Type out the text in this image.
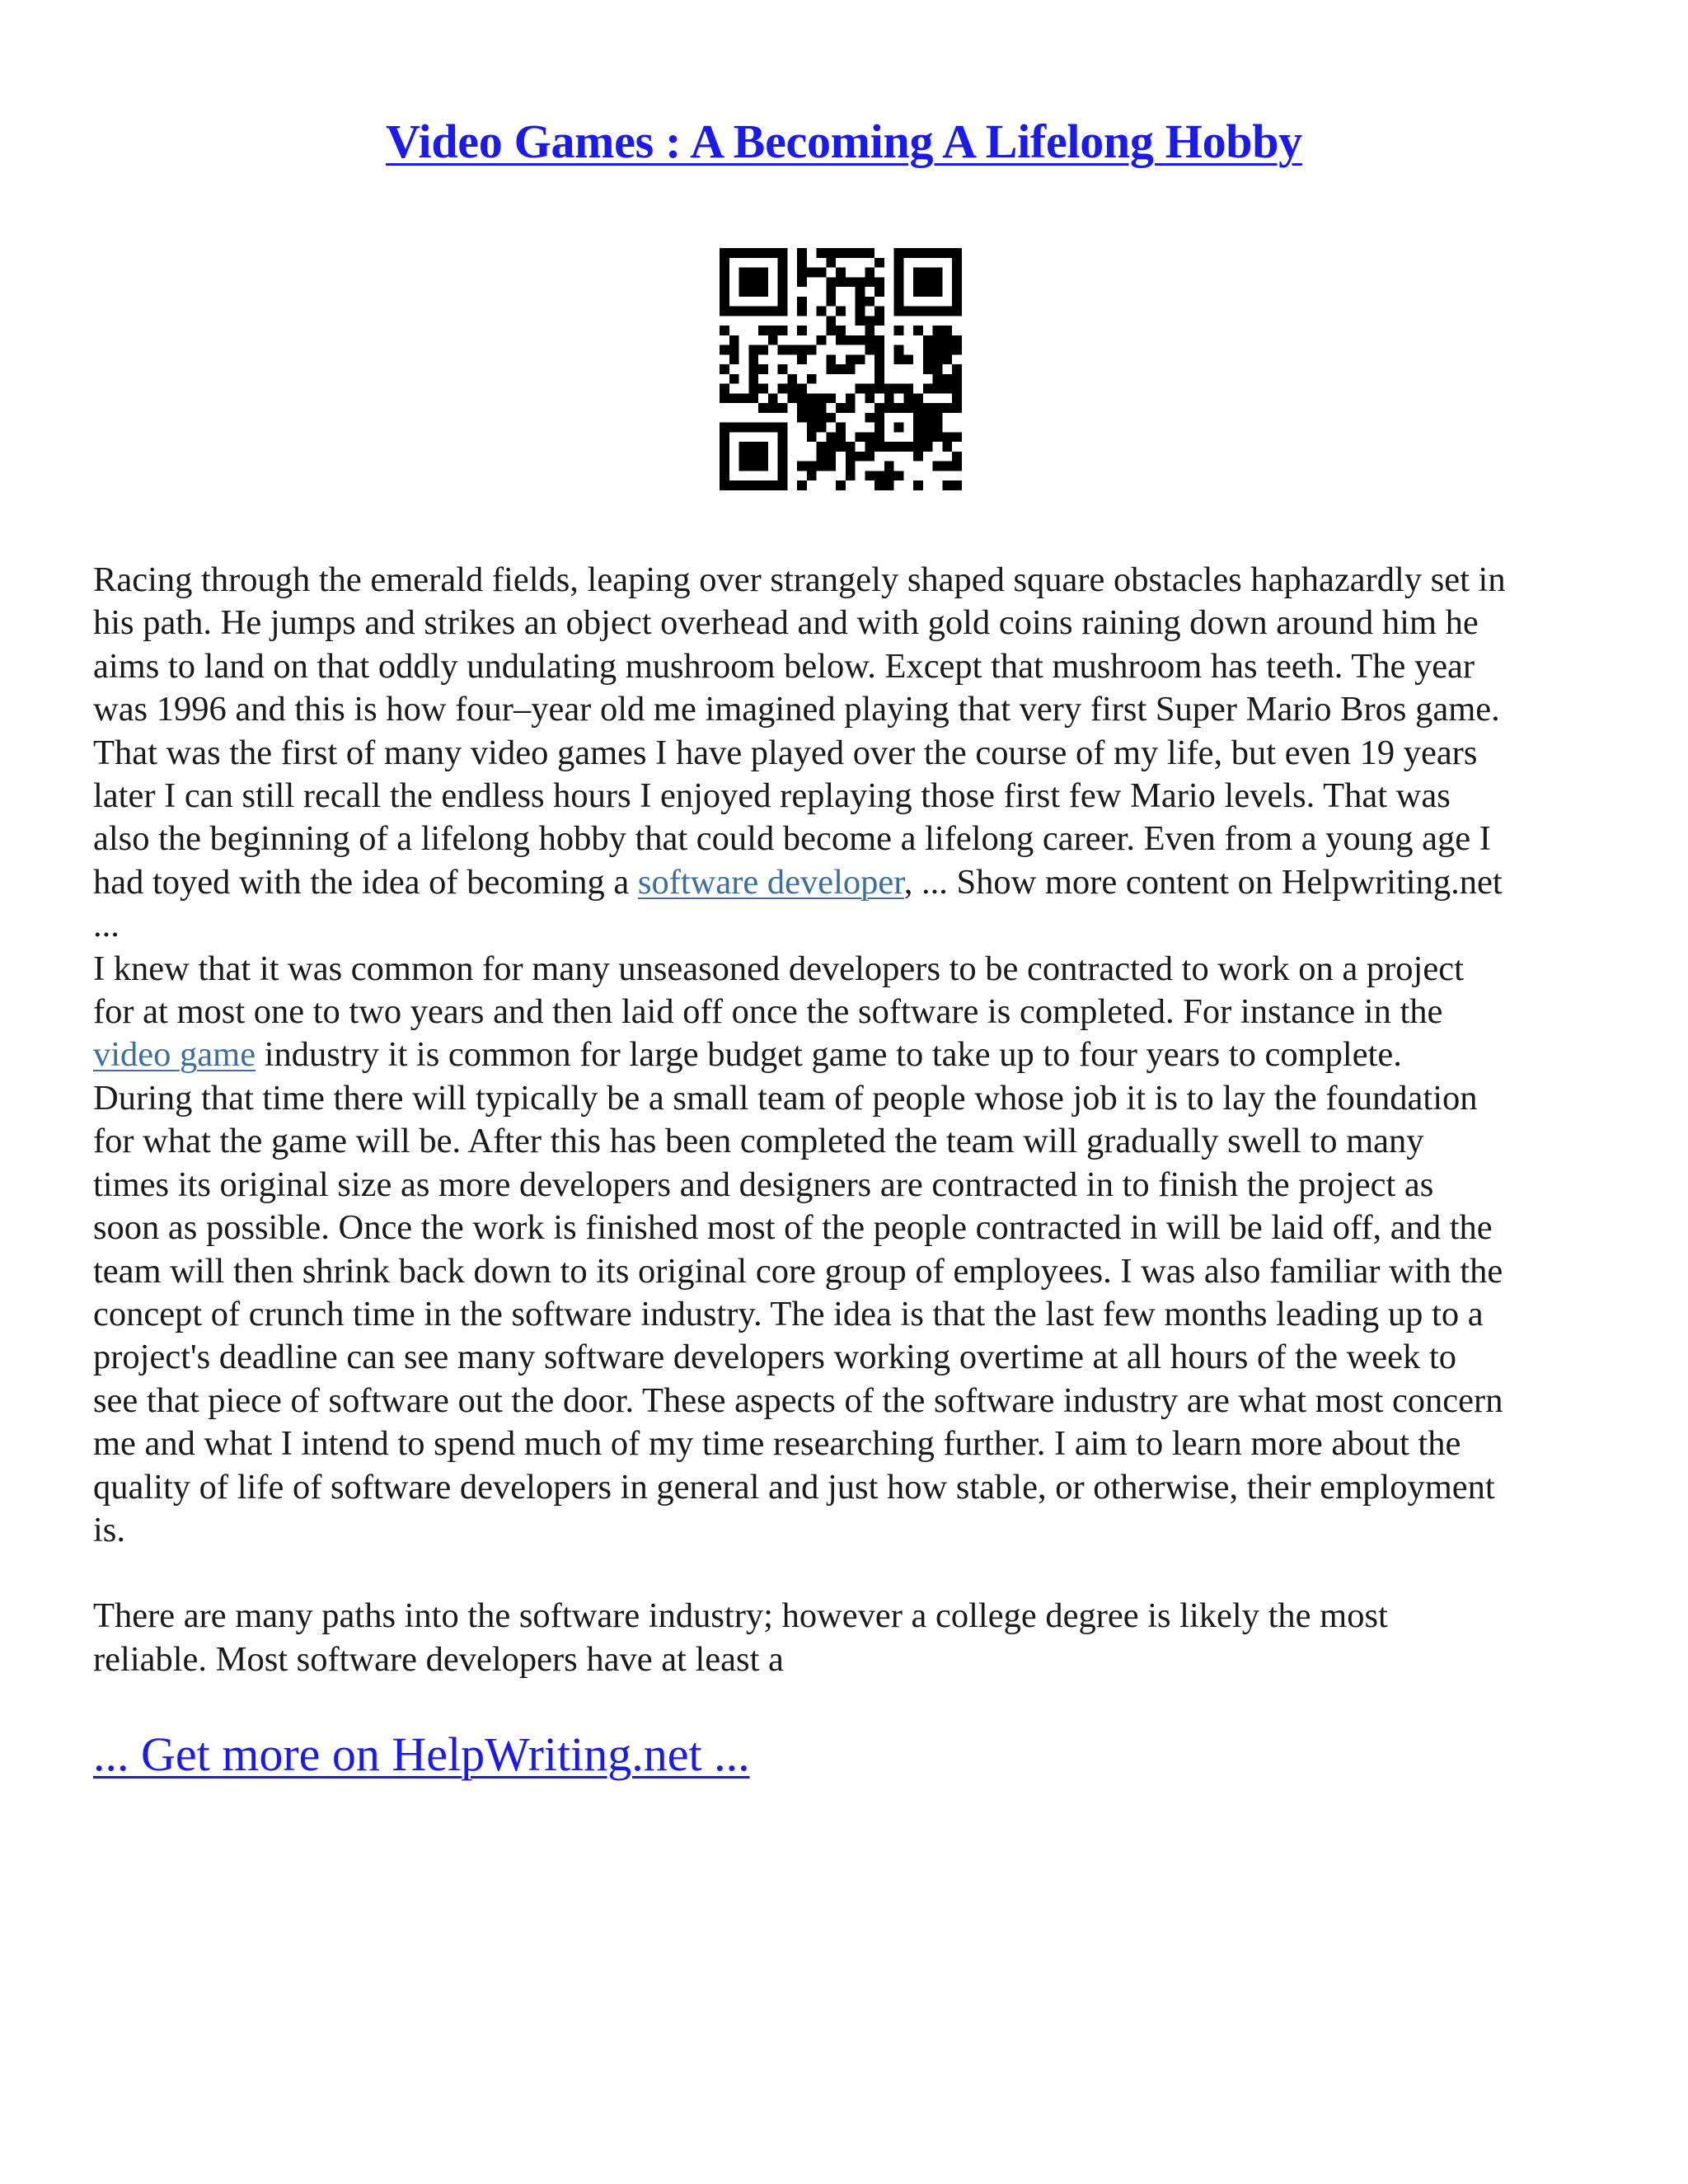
Video Games : A Becoming A Lifelong Hobby

Racing through the emerald fields, leaping over strangely shaped square obstacles haphazardly set in
his path. He jumps and strikes an object overhead and with gold coins raining down around him he
aims to land on that oddly undulating mushroom below. Except that mushroom has teeth. The year
was 1996 and this is how four–year old me imagined playing that very first Super Mario Bros game.
That was the first of many video games I have played over the course of my life, but even 19 years
later I can still recall the endless hours I enjoyed replaying those first few Mario levels. That was
also the beginning of a lifelong hobby that could become a lifelong career. Even from a young age I
had toyed with the idea of becoming a software developer, ... Show more content on Helpwriting.net
...

I knew that it was common for many unseasoned developers to be contracted to work on a project
for at most one to two years and then laid off once the software is completed. For instance in the
video game industry it is common for large budget game to take up to four years to complete.
During that time there will typically be a small team of people whose job it is to lay the foundation
for what the game will be. After this has been completed the team will gradually swell to many
times its original size as more developers and designers are contracted in to finish the project as
soon as possible. Once the work is finished most of the people contracted in will be laid off, and the
team will then shrink back down to its original core group of employees. I was also familiar with the
concept of crunch time in the software industry. The idea is that the last few months leading up to a
project's deadline can see many software developers working overtime at all hours of the week to
see that piece of software out the door. These aspects of the software industry are what most concern
me and what I intend to spend much of my time researching further. I aim to learn more about the
quality of life of software developers in general and just how stable, or otherwise, their employment
is.

There are many paths into the software industry; however a college degree is likely the most
reliable. Most software developers have at least a

... Get more on HelpWriting.net ...
